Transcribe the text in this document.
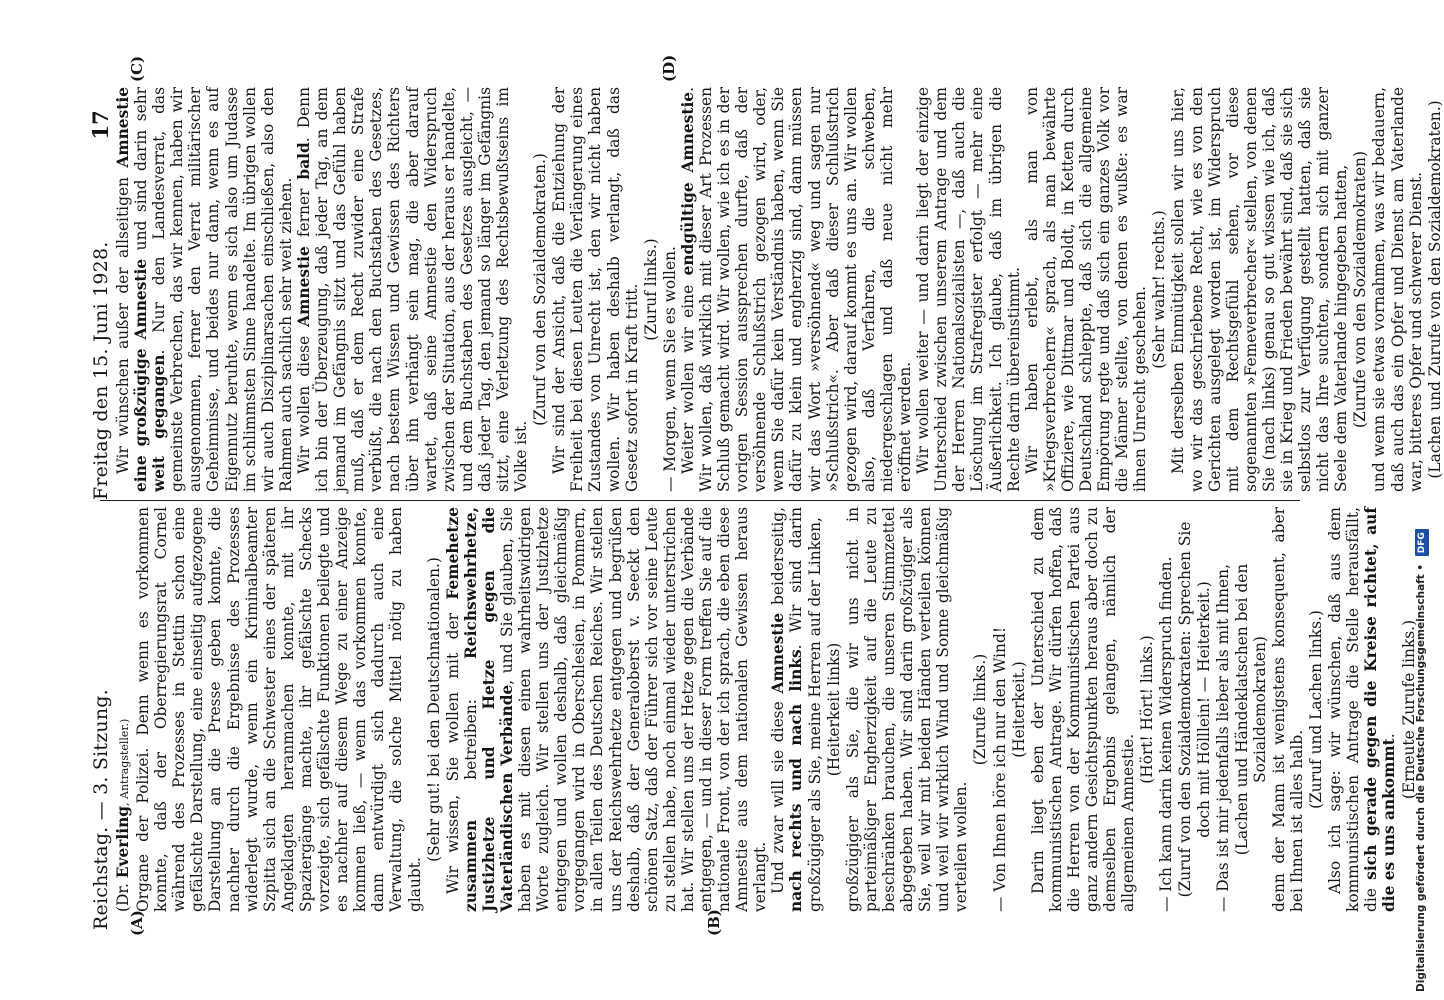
Reichstag. — 3. Sitzung.
Freitag den 15. Juni 1928.
17
(A)	(B)
(C)	(D)

(Dr. Everling, Antragsteller.) Organe der Polizei. Denn wenn es vorkommen konnte, daß der Oberregierungsrat Cornel während des Prozesses in Stettin schon eine gefälschte Darstellung, eine einseitig aufgezogene Darstellung an die Presse geben konnte, die nachher durch die Ergebnisse des Prozesses widerlegt wurde, wenn ein Kriminalbeamter Szpitta sich an die Schwester eines der späteren Angeklagten heranmachen konnte, mit ihr Spaziergänge machte, ihr gefälschte Schecks vorzeigte, sich gefälschte Funktionen beilegte und es nachher auf diesem Wege zu einer Anzeige kommen ließ, — wenn das vorkommen konnte, dann entwürdigt sich dadurch auch eine Verwaltung, die solche Mittel nötig zu haben glaubt.

(Sehr gut! bei den Deutschnationalen.) Wir wissen, Sie wollen mit der Femehetze zusammen betreiben: Reichswehrhetze, Justizhetze und Hetze gegen die Vaterländischen Verbände, und Sie glauben, Sie haben es mit diesen einen wahrheitswidrigen Worte zugleich. Wir stellen uns der Justizhetze entgegen und wollen deshalb, daß gleichmäßig vorgegangen wird in Oberschlesien, in Pommern, in allen Teilen des Deutschen Reiches. Wir stellen uns der Reichswehrhetze entgegen und begrüßen deshalb, daß der Generaloberst v. Seeckt den schönen Satz, daß der Führer sich vor seine Leute zu stellen habe, noch einmal wieder unterstrichen hat. Wir stellen uns der Hetze gegen die Verbände entgegen, — und in dieser Form treffen Sie auf die nationale Front, von der ich sprach, die eben diese Amnestie aus dem nationalen Gewissen heraus verlangt. Und zwar will sie diese Amnestie beiderseitig, nach rechts und nach links. Wir sind darin großzügiger als Sie, meine Herren auf der Linken, (Heiterkeit links) großzügiger als Sie, die wir uns nicht in parteimäßiger Engherzigkeit auf die Leute zu beschränken brauchen, die unseren Stimmzettel abgegeben haben. Wir sind darin großzügiger als Sie, weil wir mit beiden Händen verteilen können und weil wir wirklich Wind und Sonne gleichmäßig verteilen wollen.

(Zurufe links.) — Von Ihnen höre ich nur den Wind! (Heiterkeit.) Darin liegt eben der Unterschied zu dem kommunistischen Antrage. Wir dürfen hoffen, daß die Herren von der Kommunistischen Partei aus ganz andern Gesichtspunkten heraus aber doch zu demselben Ergebnis gelangen, nämlich der allgemeinen Amnestie.

(Hört! Hört! links.) — Ich kann darin keinen Widerspruch finden. (Zuruf von den Sozialdemokraten: Sprechen Sie doch mit Hölllein! — Heiterkeit.) — Das ist mir jedenfalls lieber als mit Ihnen, (Lachen und Händeklatschen bei den Sozialdemokraten) denn der Mann ist wenigstens konsequent, aber bei Ihnen ist alles halb.

(Zuruf und Lachen links.) Also ich sage: wir wünschen, daß aus dem kommunistischen Antrage die Stelle herausfällt, die sich gerade gegen die Kreise richtet, auf die es uns ankommt. (Erneute Zurufe links.)

Wir wünschen außer der allseitigen Amnestie eine großzügige Amnestie und sind darin sehr weit gegangen. Nur den Landesverrat, das gemeinste Verbrechen, das wir kennen, haben wir ausgenommen, ferner den Verrat militärischer Geheimnisse, und beides nur dann, wenn es auf Eigennutz beruhte, wenn es sich also um Judasse im schlimmsten Sinne handelte. Im übrigen wollen wir auch Disziplinarsachen einschließen, also den Rahmen auch sachlich sehr weit ziehen. Wir wollen diese Amnestie ferner bald. Denn ich bin der Überzeugung, daß jeder Tag, an dem jemand im Gefängnis sitzt und das Gefühl haben muß, daß er dem Recht zuwider eine Strafe verbüßt, die nach den Buchstaben des Gesetzes, nach bestem Wissen und Gewissen des Richters über ihn verhängt sein mag, die aber darauf wartet, daß seine Amnestie den Widerspruch zwischen der Situation, aus der heraus er handelte, und dem Buchstaben des Gesetzes ausgleicht, — daß jeder Tag, den jemand so länger im Gefängnis sitzt, eine Verletzung des Rechtsbewußtseins im Volke ist.

(Zuruf von den Sozialdemokraten.) Wir sind der Ansicht, daß die Entziehung der Freiheit bei diesen Leuten die Verlängerung eines Zustandes von Unrecht ist, den wir nicht haben wollen. Wir haben deshalb verlangt, daß das Gesetz sofort in Kraft tritt. (Zuruf links.) — Morgen, wenn Sie es wollen. Weiter wollen wir eine endgültige Amnestie. Wir wollen, daß wirklich mit dieser Art Prozessen Schluß gemacht wird. Wir wollen, wie ich es in der vorigen Session aussprechen durfte, daß der versöhnende Schlußstrich gezogen wird, oder, wenn Sie dafür kein Verständnis haben, wenn Sie dafür zu klein und engherzig sind, dann müssen wir das Wort »versöhnend« weg und sagen nur »Schlußstrich«. Aber daß dieser Schlußstrich gezogen wird, darauf kommt es uns an. Wir wollen also, daß Verfahren, die schweben, niedergeschlagen und daß neue nicht mehr eröffnet werden. Wir wollen weiter — und darin liegt der einzige Unterschied zwischen unserem Antrage und dem der Herren Nationalsozialisten —, daß auch die Löschung im Strafregister erfolgt — mehr eine Äußerlichkeit. Ich glaube, daß im übrigen die Rechte darin übereinstimmt. Wir haben erlebt, als man von »Kriegsverbrechern« sprach, als man bewährte Offiziere, wie Dittmar und Boldt, in Ketten durch Deutschland schleppte, daß sich die allgemeine Empörung regte und daß sich ein ganzes Volk vor die Männer stellte, von denen es wußte: es war ihnen Unrecht geschehen. (Sehr wahr! rechts.) Mit derselben Einmütigkeit sollen wir uns hier, wo wir das geschriebene Recht, wie es von den Gerichten ausgelegt worden ist, im Widerspruch mit dem Rechtsgefühl sehen, vor diese sogenannten »Femeverbrecher« stellen, von denen Sie (nach links) genau so gut wissen wie ich, daß sie in Krieg und Frieden bewährt sind, daß sie sich selbstlos zur Verfügung gestellt hatten, daß sie nicht das Ihre suchten, sondern sich mit ganzer Seele dem Vaterlande hingegeben hatten, (Zurufe von den Sozialdemokraten) und wenn sie etwas vornahmen, was wir bedauern, daß auch das ein Opfer und Dienst am Vaterlande war, bitteres Opfer und schwerer Dienst. (Lachen und Zurufe von den Sozialdemokraten.)

Digitalisierung gefördert durch die Deutsche Forschungsgemeinschaft • DFG
